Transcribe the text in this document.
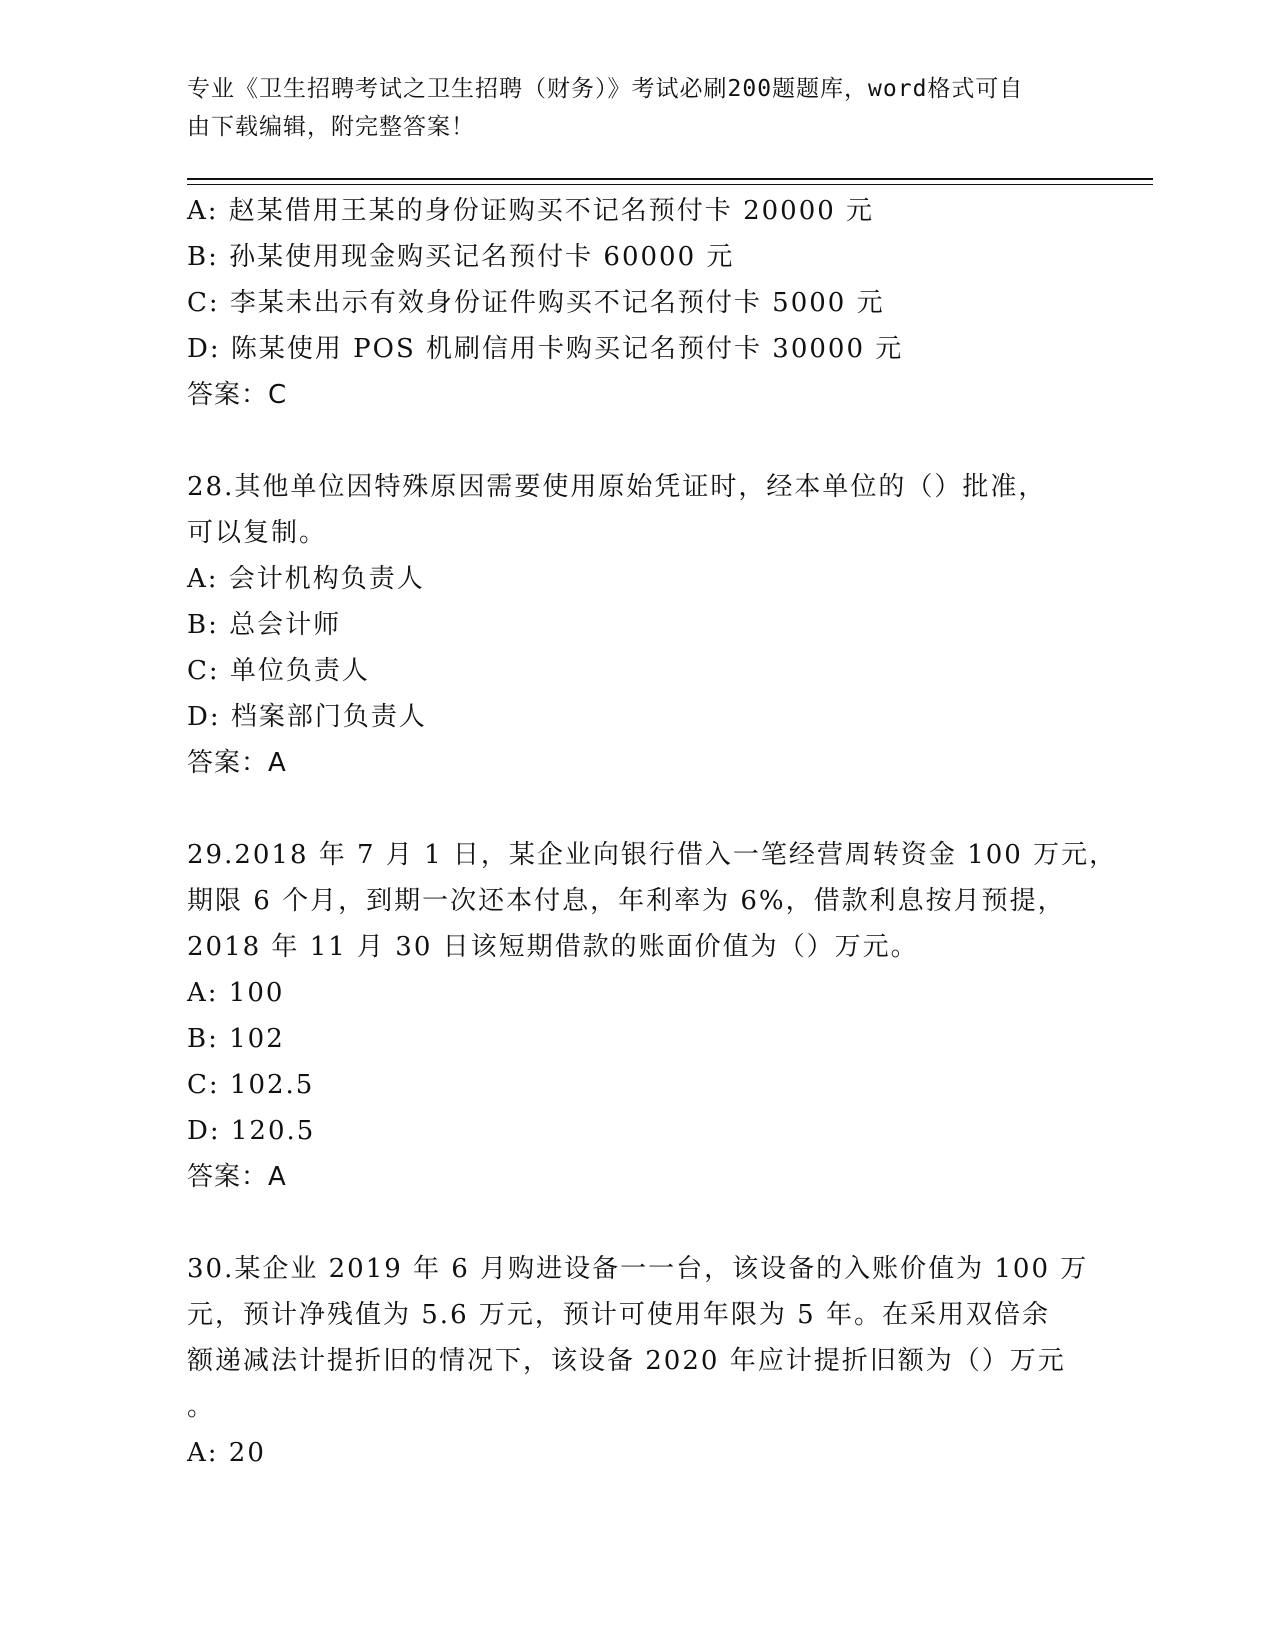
专业《卫生招聘考试之卫生招聘（财务）》考试必刷200题题库，word格式可自
由下载编辑，附完整答案！
A: 赵某借用王某的身份证购买不记名预付卡 20000 元
B: 孙某使用现金购买记名预付卡 60000 元
C: 李某未出示有效身份证件购买不记名预付卡 5000 元
D: 陈某使用 POS 机刷信用卡购买记名预付卡 30000 元
答案：C
28.其他单位因特殊原因需要使用原始凭证时，经本单位的（）批准，
可以复制。
A: 会计机构负责人
B: 总会计师
C: 单位负责人
D: 档案部门负责人
答案：A
29.2018 年 7 月 1 日，某企业向银行借入一笔经营周转资金 100 万元，
期限 6 个月，到期一次还本付息，年利率为 6%，借款利息按月预提，
2018 年 11 月 30 日该短期借款的账面价值为（）万元。
A: 100
B: 102
C: 102.5
D: 120.5
答案：A
30.某企业 2019 年 6 月购进设备一一台，该设备的入账价值为 100 万
元，预计净残值为 5.6 万元，预计可使用年限为 5 年。在采用双倍余
额递减法计提折旧的情况下，该设备 2020 年应计提折旧额为（）万元
。
A: 20
